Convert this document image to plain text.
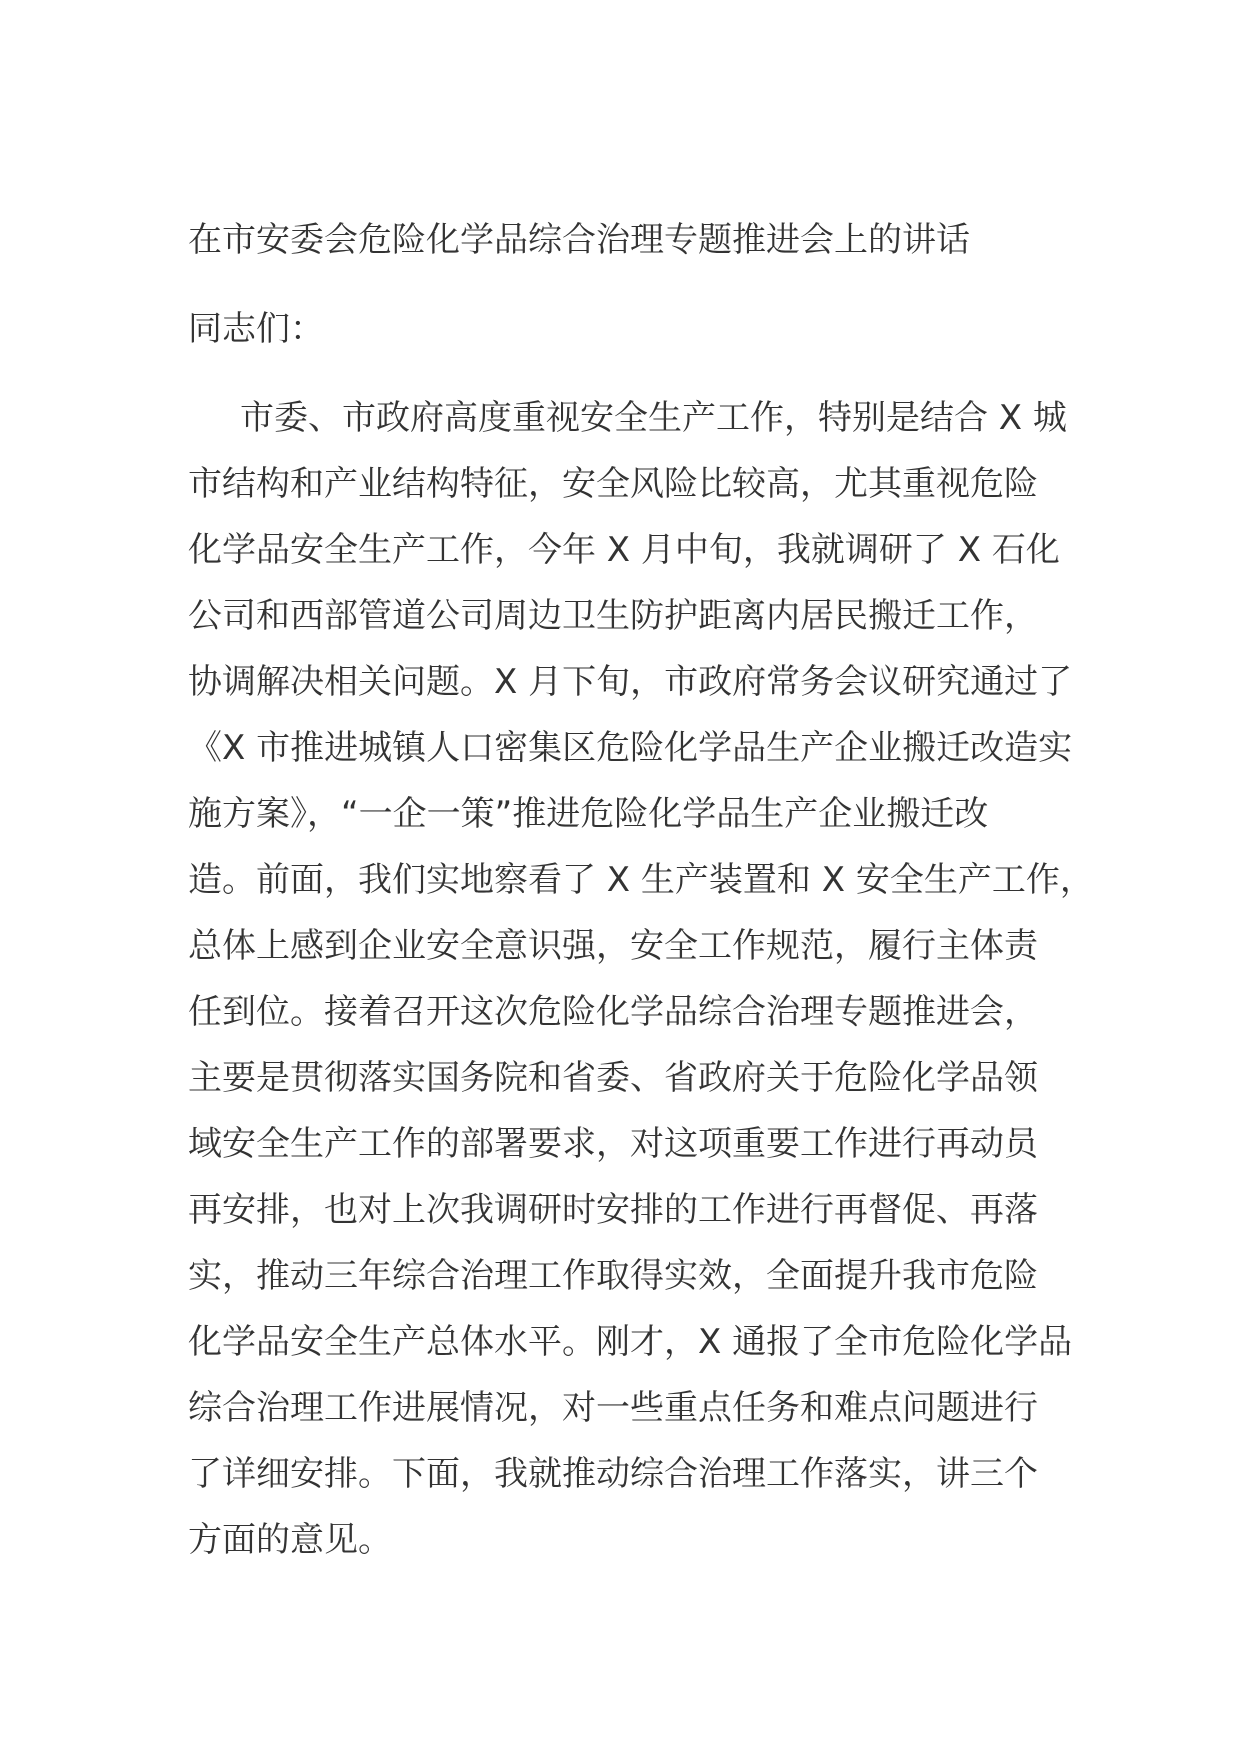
在市安委会危险化学品综合治理专题推进会上的讲话

同志们：

市委、市政府高度重视安全生产工作，特别是结合 X 城
市结构和产业结构特征，安全风险比较高，尤其重视危险
化学品安全生产工作，今年 X 月中旬，我就调研了 X 石化
公司和西部管道公司周边卫生防护距离内居民搬迁工作，
协调解决相关问题。X 月下旬，市政府常务会议研究通过了
《X 市推进城镇人口密集区危险化学品生产企业搬迁改造实
施方案》，“一企一策”推进危险化学品生产企业搬迁改
造。前面，我们实地察看了 X 生产装置和 X 安全生产工作，
总体上感到企业安全意识强，安全工作规范，履行主体责
任到位。接着召开这次危险化学品综合治理专题推进会，
主要是贯彻落实国务院和省委、省政府关于危险化学品领
域安全生产工作的部署要求，对这项重要工作进行再动员
再安排，也对上次我调研时安排的工作进行再督促、再落
实，推动三年综合治理工作取得实效，全面提升我市危险
化学品安全生产总体水平。刚才，X 通报了全市危险化学品
综合治理工作进展情况，对一些重点任务和难点问题进行
了详细安排。下面，我就推动综合治理工作落实，讲三个
方面的意见。
